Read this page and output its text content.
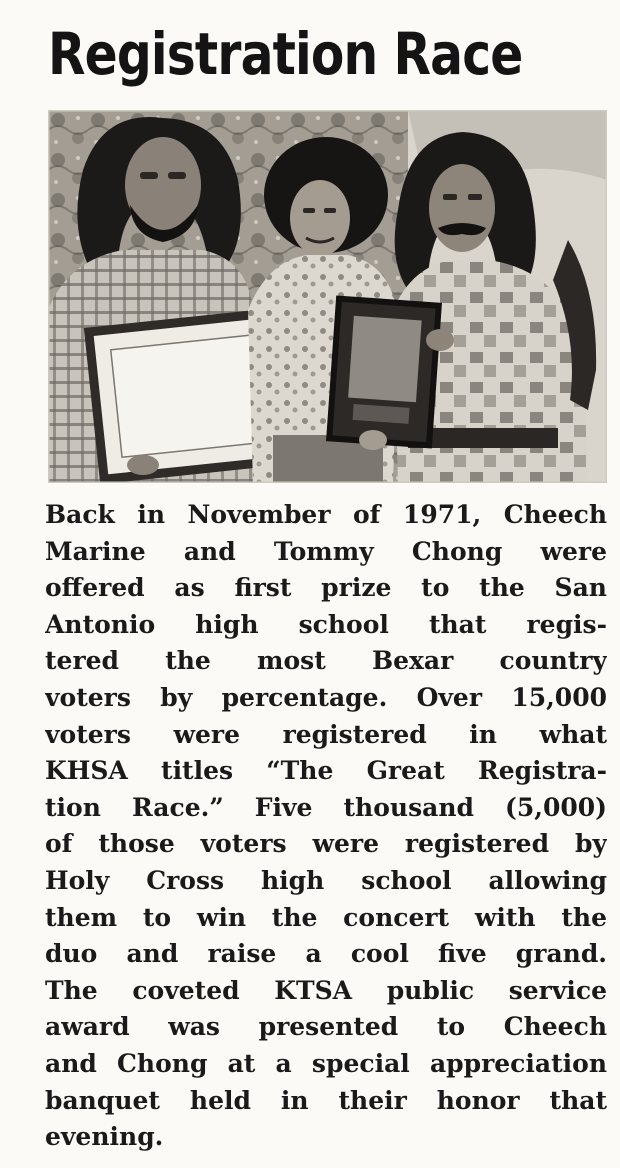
Registration Race
Back in November of 1971, Cheech
Marine and Tommy Chong were
offered as first prize to the San
Antonio high school that regis-
tered the most Bexar country
voters by percentage. Over 15,000
voters were registered in what
KHSA titles “The Great Registra-
tion Race.” Five thousand (5,000)
of those voters were registered by
Holy Cross high school allowing
them to win the concert with the
duo and raise a cool five grand.
The coveted KTSA public service
award was presented to Cheech
and Chong at a special appreciation
banquet held in their honor that
evening.
